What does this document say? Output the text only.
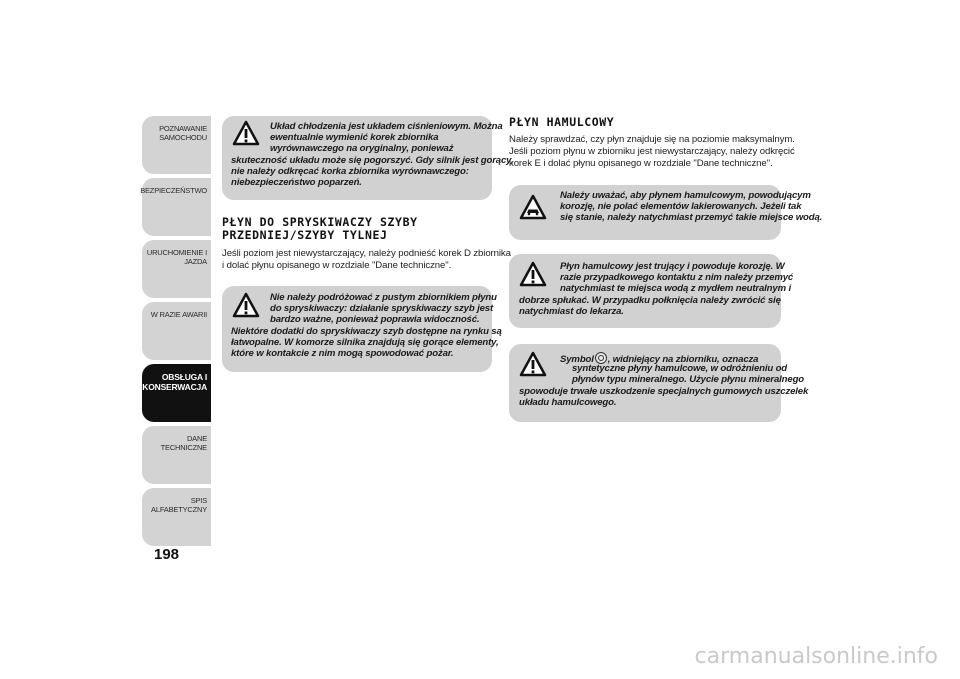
POZNAWANIE SAMOCHODU
BEZPIECZEŃSTWO
URUCHOMIENIE I JAZDA
W RAZIE AWARII
OBSŁUGA I KONSERWACJA
DANE TECHNICZNE
SPIS ALFABETYCZNY
198
Układ chłodzenia jest układem ciśnieniowym. Można
ewentualnie wymienić korek zbiornika
wyrównawczego na oryginalny, ponieważ
skuteczność układu może się pogorszyć. Gdy silnik jest gorący,
nie należy odkręcać korka zbiornika wyrównawczego:
niebezpieczeństwo poparzeń.
PŁYN DO SPRYSKIWACZY SZYBY
PRZEDNIEJ/SZYBY TYLNEJ
Jeśli poziom jest niewystarczający, należy podnieść korek D zbiornika
i dolać płynu opisanego w rozdziale "Dane techniczne".
Nie należy podróżować z pustym zbiornikiem płynu
do spryskiwaczy: działanie spryskiwaczy szyb jest
bardzo ważne, ponieważ poprawia widoczność.
Niektóre dodatki do spryskiwaczy szyb dostępne na rynku są
łatwopalne. W komorze silnika znajdują się gorące elementy,
które w kontakcie z nim mogą spowodować pożar.
PŁYN HAMULCOWY
Należy sprawdzać, czy płyn znajduje się na poziomie maksymalnym.
Jeśli poziom płynu w zbiorniku jest niewystarczający, należy odkręcić
korek E i dolać płynu opisanego w rozdziale "Dane techniczne".
Należy uważać, aby płynem hamulcowym, powodującym
korozję, nie polać elementów lakierowanych. Jeżeli tak
się stanie, należy natychmiast przemyć takie miejsce wodą.
Płyn hamulcowy jest trujący i powoduje korozję. W
razie przypadkowego kontaktu z nim należy przemyć
natychmiast te miejsca wodą z mydłem neutralnym i
dobrze spłukać. W przypadku połknięcia należy zwrócić się
natychmiast do lekarza.
Symbol , widniejący na zbiorniku, oznacza
syntetyczne płyny hamulcowe, w odróżnieniu od
płynów typu mineralnego. Użycie płynu mineralnego
spowoduje trwałe uszkodzenie specjalnych gumowych uszczelek
układu hamulcowego.
carmanualsonline.info
